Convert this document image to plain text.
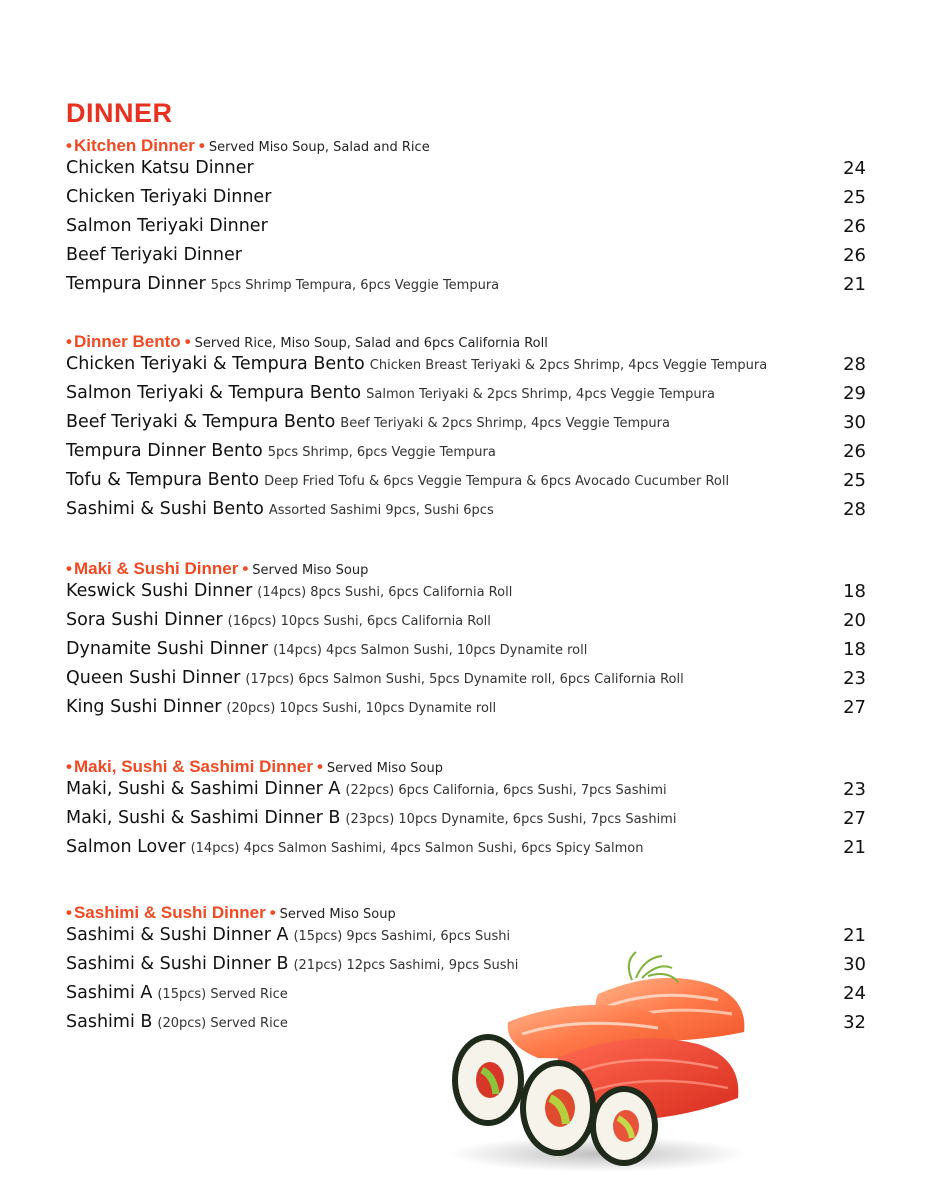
DINNER
• Kitchen Dinner • Served Miso Soup, Salad and Rice
Chicken Katsu Dinner	24
Chicken Teriyaki Dinner	25
Salmon Teriyaki Dinner	26
Beef Teriyaki Dinner	26
Tempura Dinner 5pcs Shrimp Tempura, 6pcs Veggie Tempura	21
• Dinner Bento • Served Rice, Miso Soup, Salad and 6pcs California Roll
Chicken Teriyaki & Tempura Bento Chicken Breast Teriyaki & 2pcs Shrimp, 4pcs Veggie Tempura	28
Salmon Teriyaki & Tempura Bento Salmon Teriyaki & 2pcs Shrimp, 4pcs Veggie Tempura	29
Beef Teriyaki & Tempura Bento Beef Teriyaki & 2pcs Shrimp, 4pcs Veggie Tempura	30
Tempura Dinner Bento 5pcs Shrimp, 6pcs Veggie Tempura	26
Tofu & Tempura Bento Deep Fried Tofu & 6pcs Veggie Tempura & 6pcs Avocado Cucumber Roll	25
Sashimi & Sushi Bento Assorted Sashimi 9pcs, Sushi 6pcs	28
• Maki & Sushi Dinner • Served Miso Soup
Keswick Sushi Dinner (14pcs) 8pcs Sushi, 6pcs California Roll	18
Sora Sushi Dinner (16pcs) 10pcs Sushi, 6pcs California Roll	20
Dynamite Sushi Dinner (14pcs) 4pcs Salmon Sushi, 10pcs Dynamite roll	18
Queen Sushi Dinner (17pcs) 6pcs Salmon Sushi, 5pcs Dynamite roll, 6pcs California Roll	23
King Sushi Dinner (20pcs) 10pcs Sushi, 10pcs Dynamite roll	27
• Maki, Sushi & Sashimi Dinner • Served Miso Soup
Maki, Sushi & Sashimi Dinner A (22pcs) 6pcs California, 6pcs Sushi, 7pcs Sashimi	23
Maki, Sushi & Sashimi Dinner B (23pcs) 10pcs Dynamite, 6pcs Sushi, 7pcs Sashimi	27
Salmon Lover (14pcs) 4pcs Salmon Sashimi, 4pcs Salmon Sushi, 6pcs Spicy Salmon	21
• Sashimi & Sushi Dinner • Served Miso Soup
Sashimi & Sushi Dinner A (15pcs) 9pcs Sashimi, 6pcs Sushi	21
Sashimi & Sushi Dinner B (21pcs) 12pcs Sashimi, 9pcs Sushi	30
Sashimi A (15pcs) Served Rice	24
Sashimi B (20pcs) Served Rice	32
